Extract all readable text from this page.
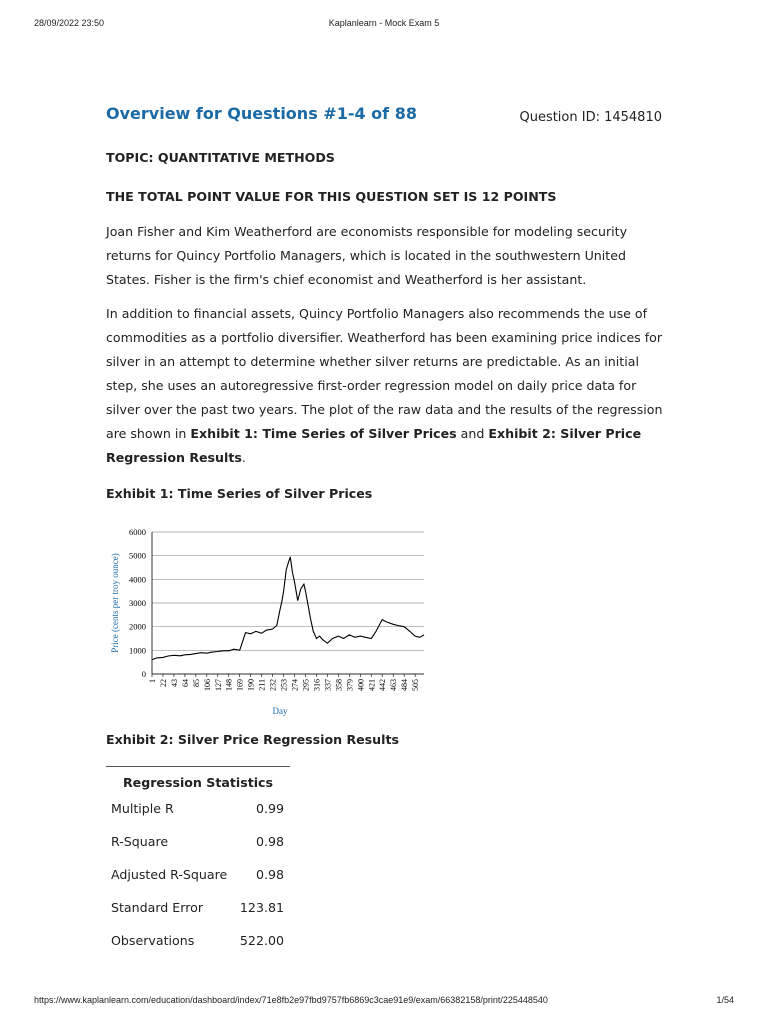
28/09/2022 23:50	Kaplanlearn - Mock Exam 5
Overview for Questions #1-4 of 88	Question ID: 1454810

TOPIC: QUANTITATIVE METHODS

THE TOTAL POINT VALUE FOR THIS QUESTION SET IS 12 POINTS

Joan Fisher and Kim Weatherford are economists responsible for modeling security returns for Quincy Portfolio Managers, which is located in the southwestern United States. Fisher is the firm's chief economist and Weatherford is her assistant.

In addition to financial assets, Quincy Portfolio Managers also recommends the use of commodities as a portfolio diversifier. Weatherford has been examining price indices for silver in an attempt to determine whether silver returns are predictable. As an initial step, she uses an autoregressive first-order regression model on daily price data for silver over the past two years. The plot of the raw data and the results of the regression are shown in Exhibit 1: Time Series of Silver Prices and Exhibit 2: Silver Price Regression Results.

Exhibit 1: Time Series of Silver Prices

0
1000
2000
3000
4000
5000
6000
1 22 43 64 85 106 127 148 169 190 211 232 253 274 295 316 337 358 379 400 421 442 463 484 505
Price (cents per troy ounce)
Day
Exhibit 2: Silver Price Regression Results
Regression Statistics
Multiple R	0.99
R-Square	0.98
Adjusted R-Square 0.98
Standard Error	123.81
Observations	522.00
https://www.kaplanlearn.com/education/dashboard/index/71e8fb2e97fbd9757fb6869c3cae91e9/exam/66382158/print/225448540	1/54
